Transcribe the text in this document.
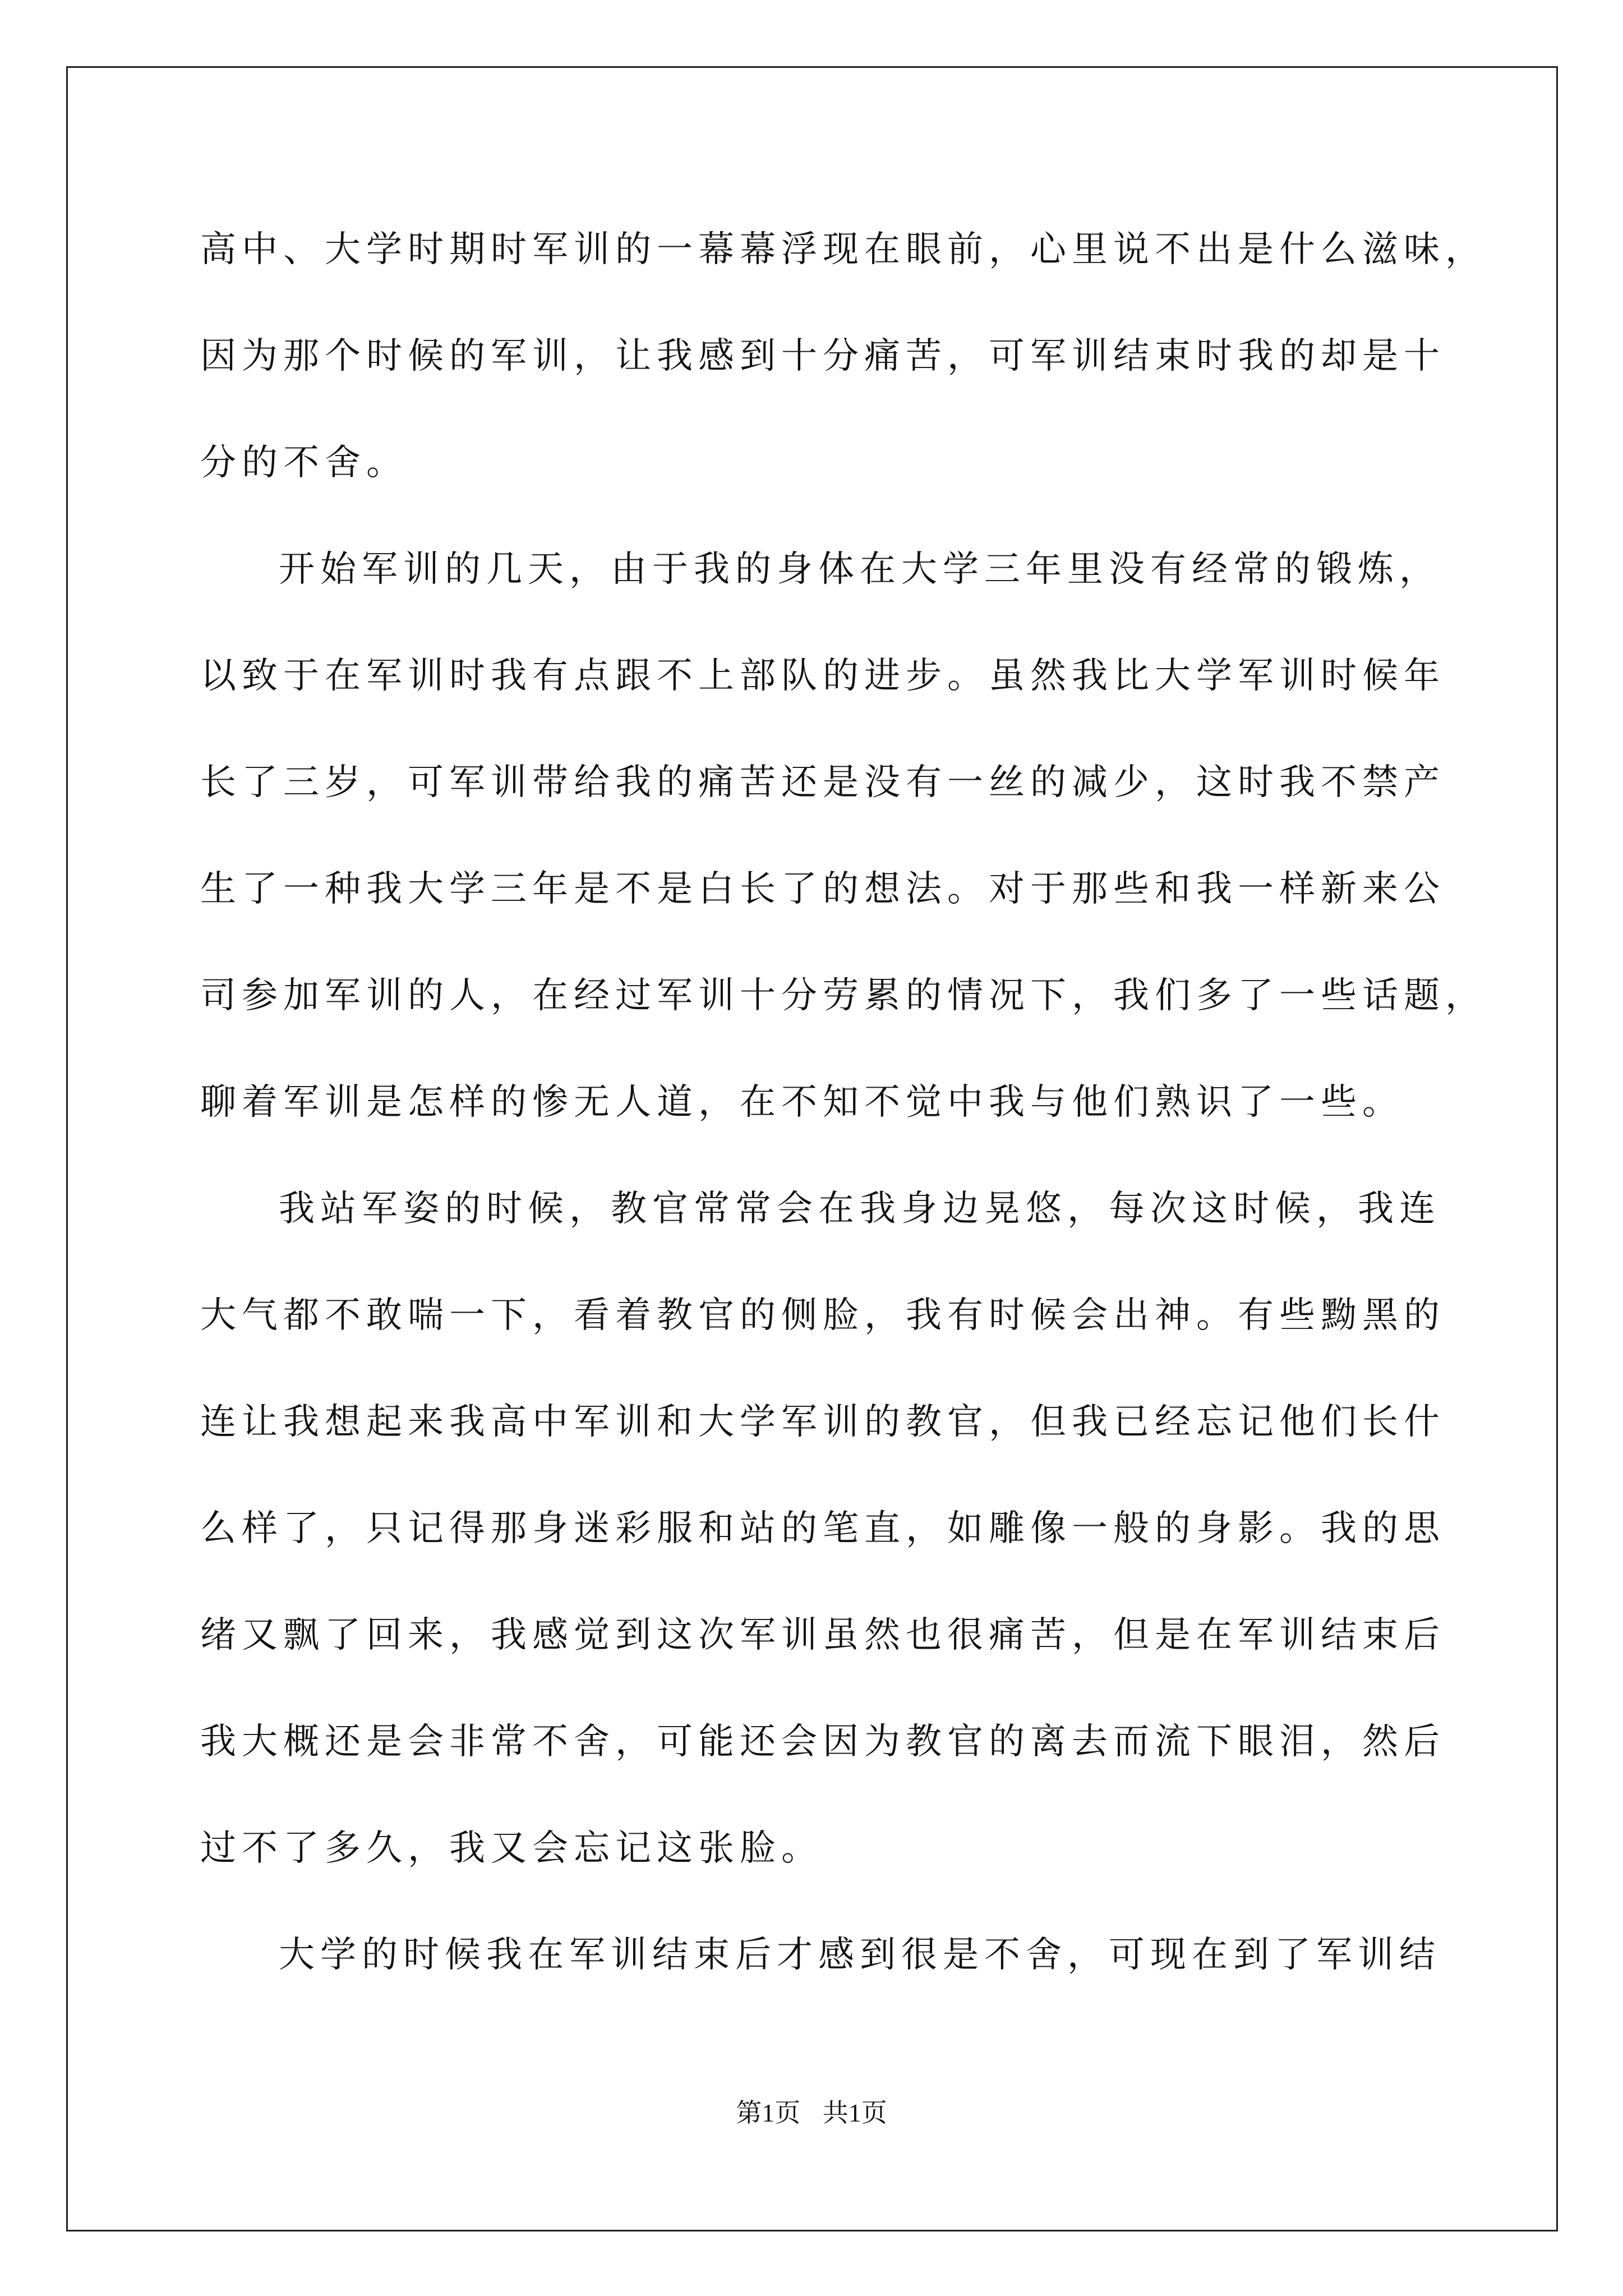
高中、大学时期时军训的一幕幕浮现在眼前，心里说不出是什么滋味，
因为那个时候的军训，让我感到十分痛苦，可军训结束时我的却是十
分的不舍。
开始军训的几天，由于我的身体在大学三年里没有经常的锻炼，
以致于在军训时我有点跟不上部队的进步。虽然我比大学军训时候年
长了三岁，可军训带给我的痛苦还是没有一丝的减少，这时我不禁产
生了一种我大学三年是不是白长了的想法。对于那些和我一样新来公
司参加军训的人，在经过军训十分劳累的情况下，我们多了一些话题，
聊着军训是怎样的惨无人道，在不知不觉中我与他们熟识了一些。
我站军姿的时候，教官常常会在我身边晃悠，每次这时候，我连
大气都不敢喘一下，看着教官的侧脸，我有时候会出神。有些黝黑的
连让我想起来我高中军训和大学军训的教官，但我已经忘记他们长什
么样了，只记得那身迷彩服和站的笔直，如雕像一般的身影。我的思
绪又飘了回来，我感觉到这次军训虽然也很痛苦，但是在军训结束后
我大概还是会非常不舍，可能还会因为教官的离去而流下眼泪，然后
过不了多久，我又会忘记这张脸。
大学的时候我在军训结束后才感到很是不舍，可现在到了军训结
第1页 共1页
